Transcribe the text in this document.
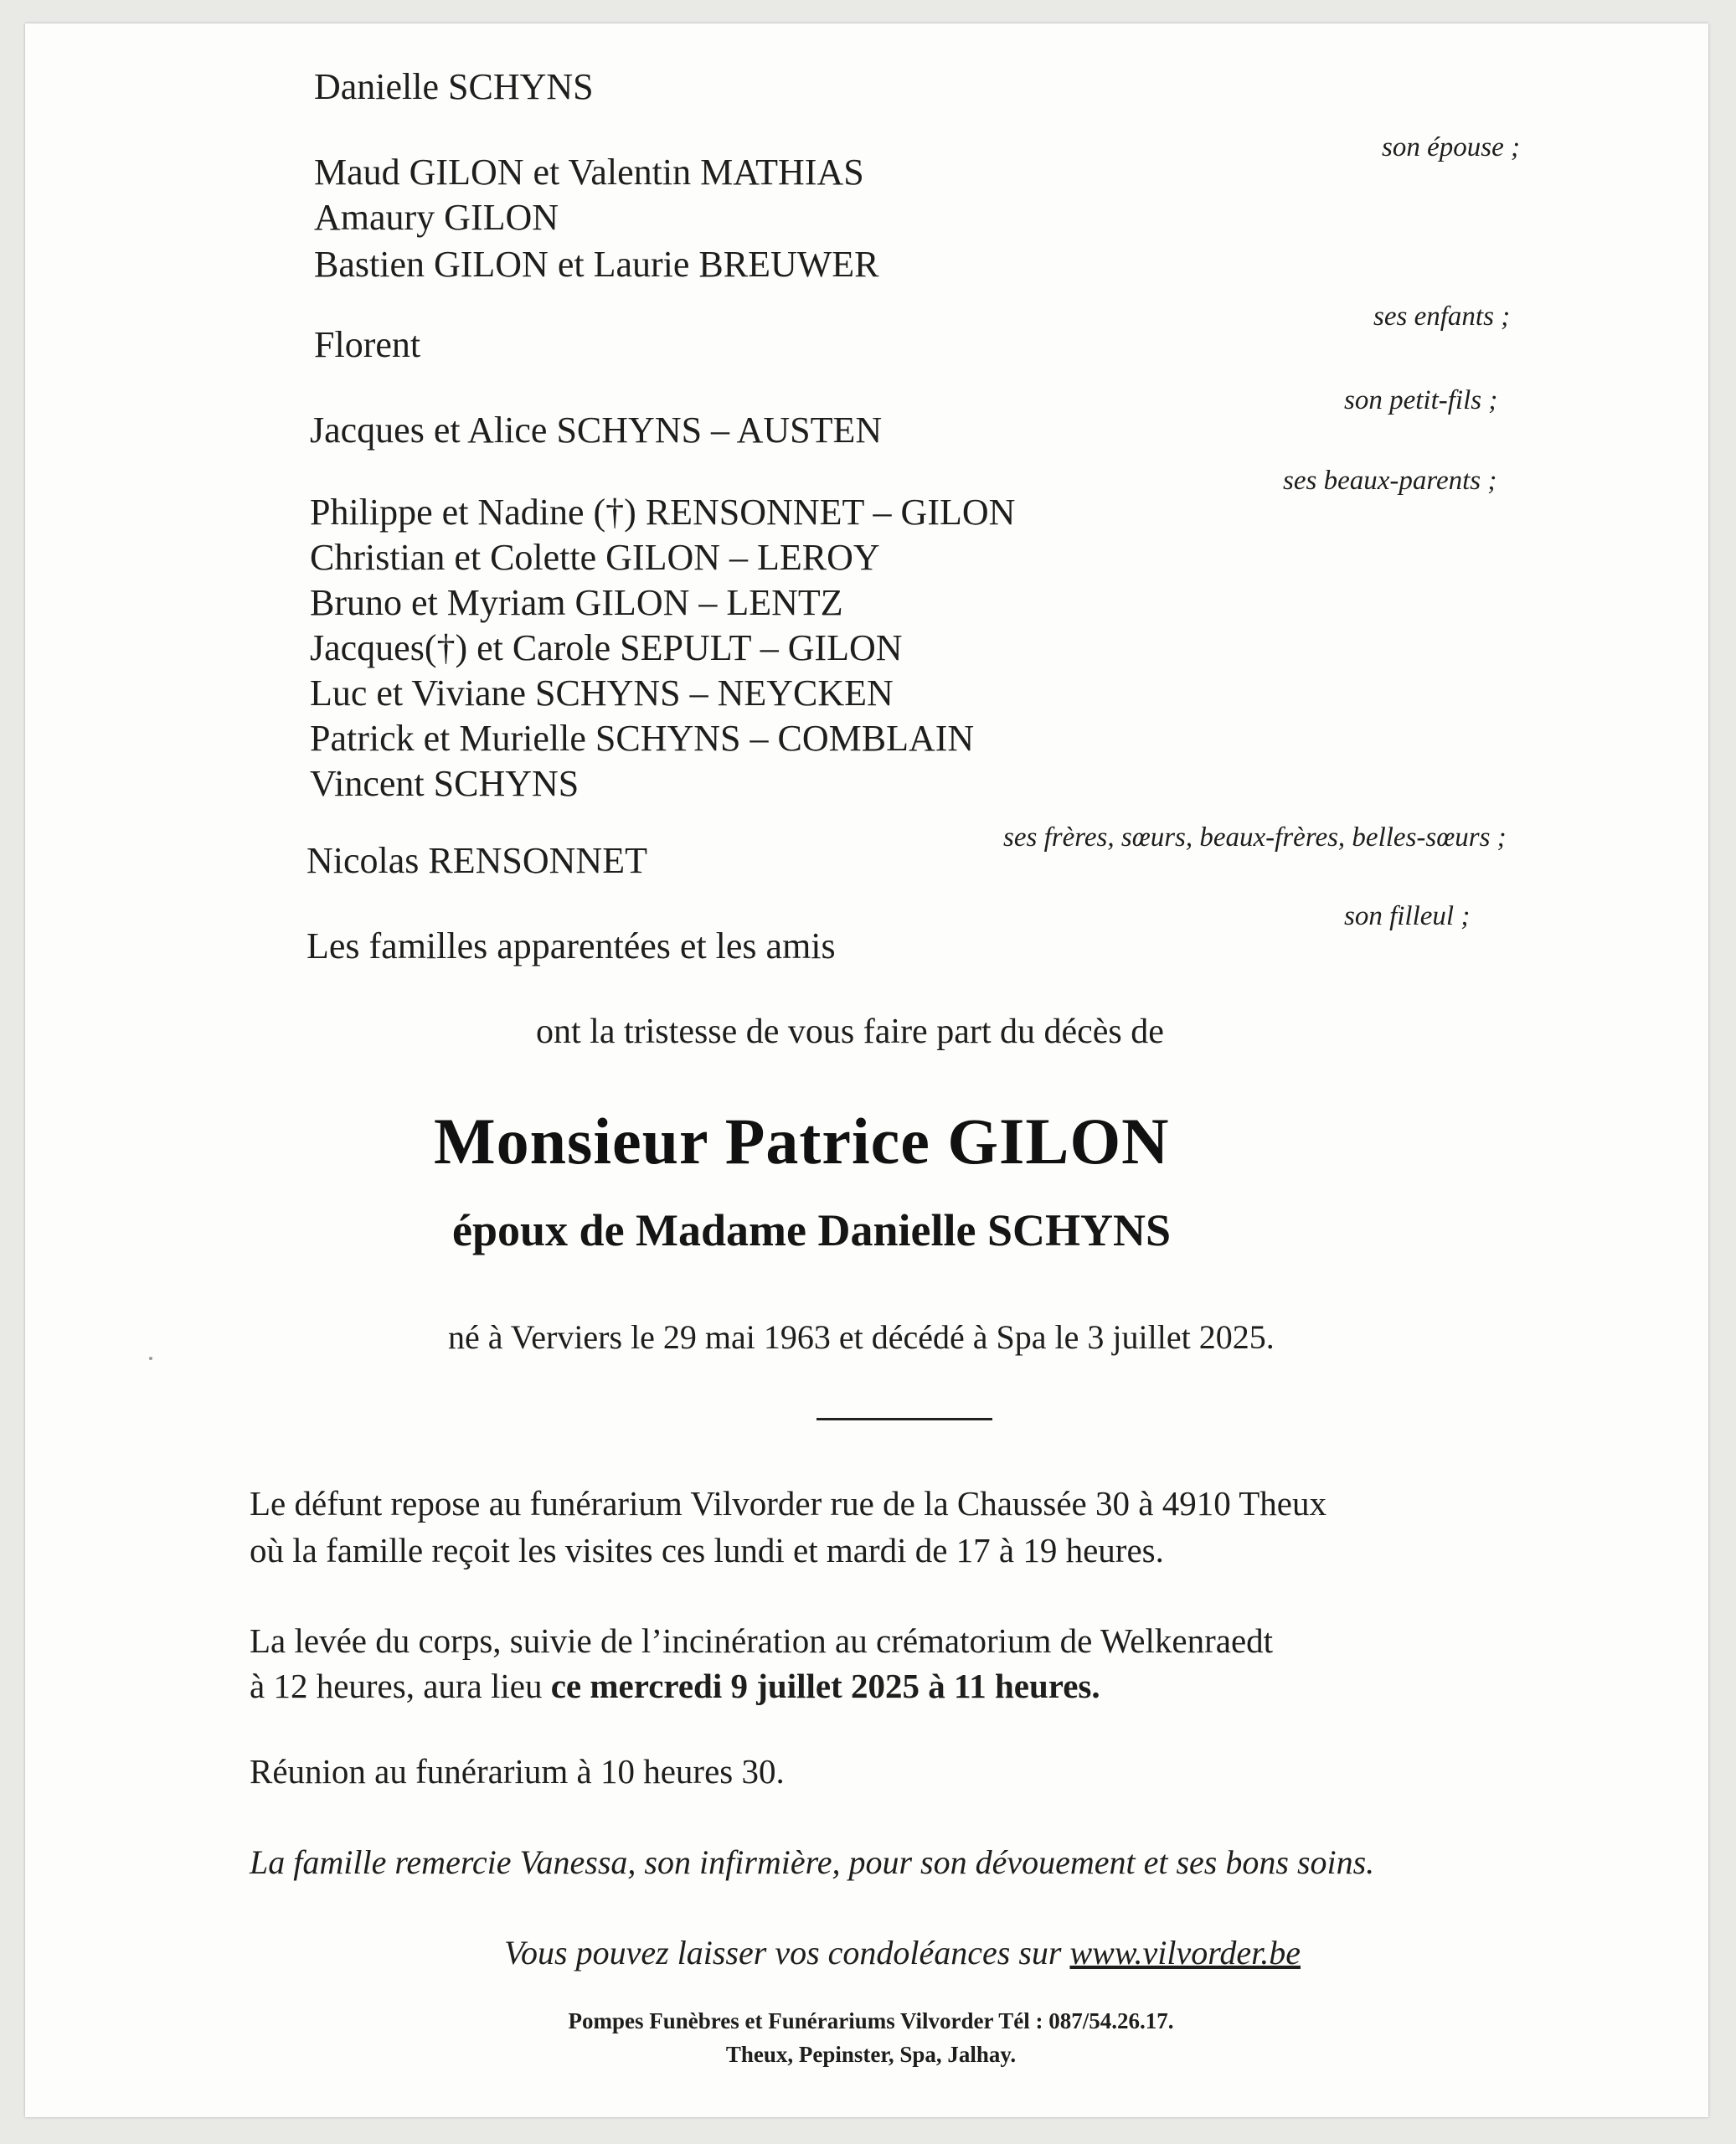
Danielle SCHYNS
son épouse ;
Maud GILON et Valentin MATHIAS
Amaury GILON
Bastien GILON et Laurie BREUWER
ses enfants ;
Florent
son petit-fils ;
Jacques et Alice SCHYNS – AUSTEN
ses beaux-parents ;
Philippe et Nadine (†) RENSONNET – GILON
Christian et Colette GILON – LEROY
Bruno et Myriam GILON – LENTZ
Jacques(†) et Carole SEPULT – GILON
Luc et Viviane SCHYNS – NEYCKEN
Patrick et Murielle SCHYNS – COMBLAIN
Vincent SCHYNS
ses frères, sœurs, beaux-frères, belles-sœurs ;
Nicolas RENSONNET
son filleul ;
Les familles apparentées et les amis
ont la tristesse de vous faire part du décès de
Monsieur Patrice GILON
époux de Madame Danielle SCHYNS
né à Verviers le 29 mai 1963 et décédé à Spa le 3 juillet 2025.
Le défunt repose au funérarium Vilvorder rue de la Chaussée 30 à 4910 Theux
où la famille reçoit les visites ces lundi et mardi de 17 à 19 heures.
La levée du corps, suivie de l’incinération au crématorium de Welkenraedt
à 12 heures, aura lieu ce mercredi 9 juillet 2025 à 11 heures.
Réunion au funérarium à 10 heures 30.
La famille remercie Vanessa, son infirmière, pour son dévouement et ses bons soins.
Vous pouvez laisser vos condoléances sur www.vilvorder.be
Pompes Funèbres et Funérariums Vilvorder Tél : 087/54.26.17.
Theux, Pepinster, Spa, Jalhay.
